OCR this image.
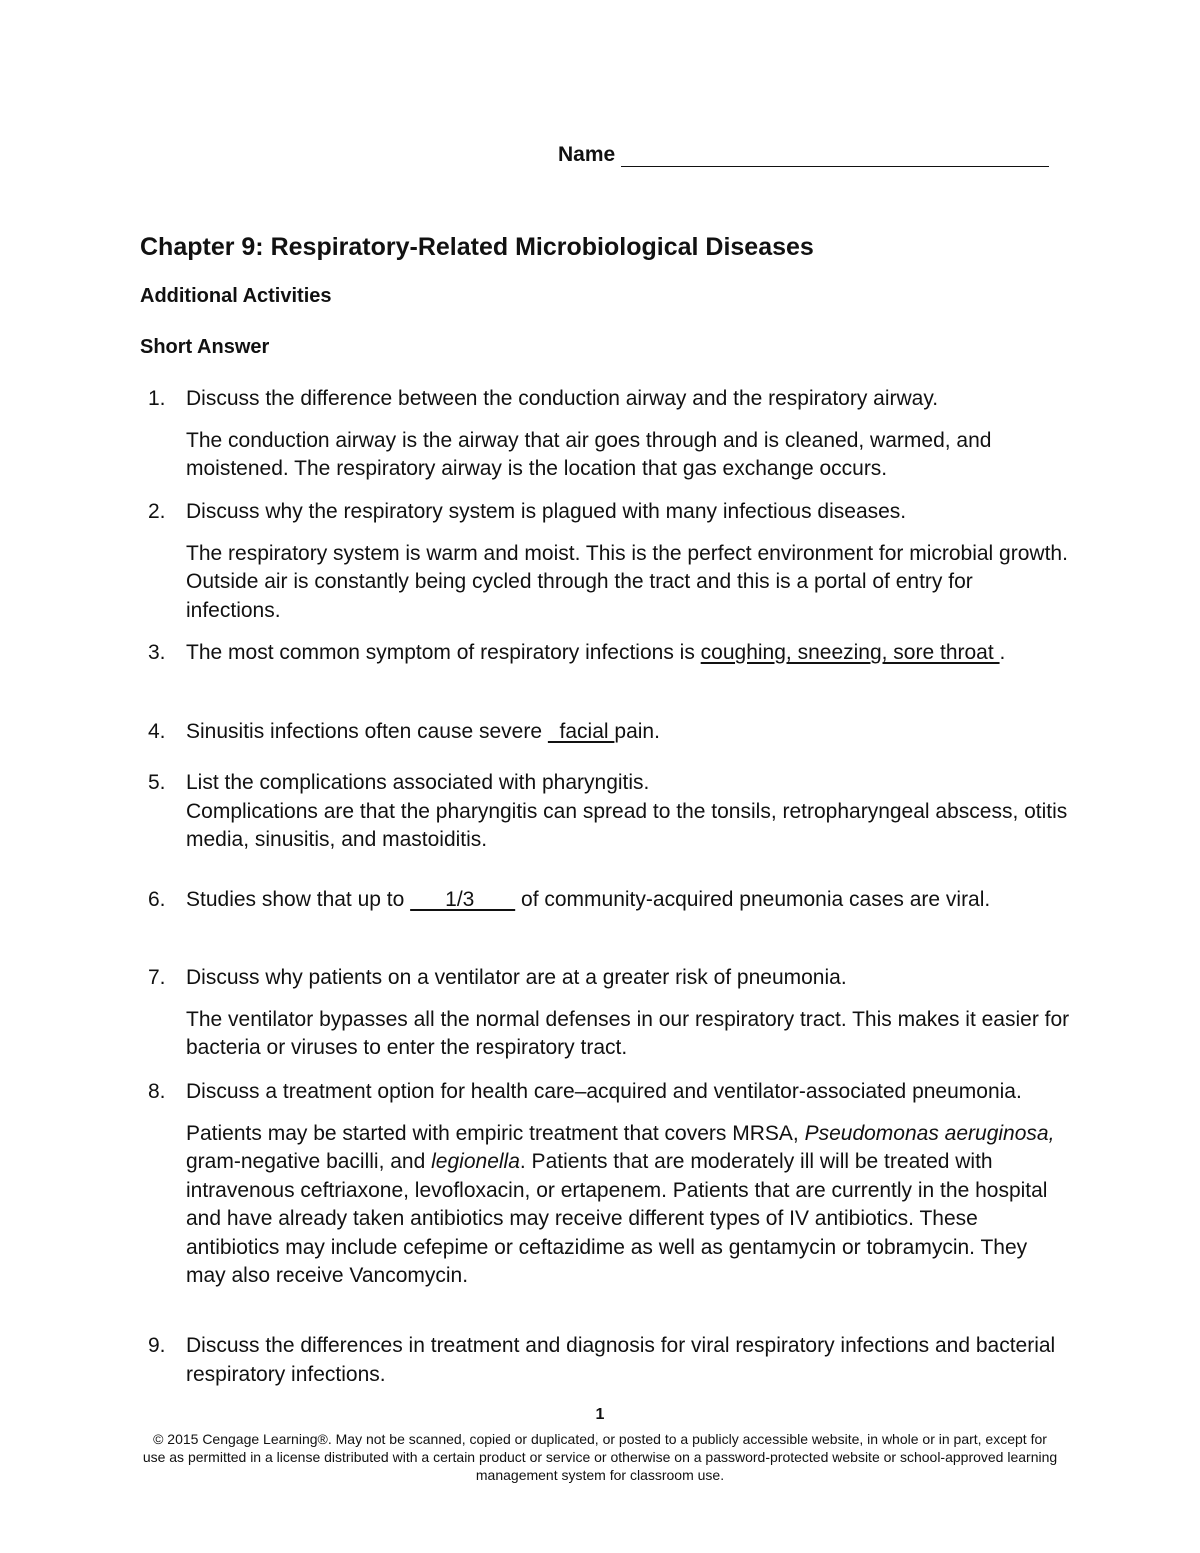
Name
Chapter 9: Respiratory-Related Microbiological Diseases
Additional Activities
Short Answer
1. Discuss the difference between the conduction airway and the respiratory airway.
The conduction airway is the airway that air goes through and is cleaned, warmed, and moistened. The respiratory airway is the location that gas exchange occurs.
2. Discuss why the respiratory system is plagued with many infectious diseases.
The respiratory system is warm and moist. This is the perfect environment for microbial growth. Outside air is constantly being cycled through the tract and this is a portal of entry for infections.
3. The most common symptom of respiratory infections is coughing, sneezing, sore throat .
4. Sinusitis infections often cause severe   facial pain.
5. List the complications associated with pharyngitis.
Complications are that the pharyngitis can spread to the tonsils, retropharyngeal abscess, otitis media, sinusitis, and mastoiditis.
6. Studies show that up to       1/3        of community-acquired pneumonia cases are viral.
7. Discuss why patients on a ventilator are at a greater risk of pneumonia.
The ventilator bypasses all the normal defenses in our respiratory tract. This makes it easier for bacteria or viruses to enter the respiratory tract.
8. Discuss a treatment option for health care–acquired and ventilator-associated pneumonia.
Patients may be started with empiric treatment that covers MRSA, Pseudomonas aeruginosa, gram-negative bacilli, and legionella. Patients that are moderately ill will be treated with intravenous ceftriaxone, levofloxacin, or ertapenem. Patients that are currently in the hospital and have already taken antibiotics may receive different types of IV antibiotics. These antibiotics may include cefepime or ceftazidime as well as gentamycin or tobramycin. They may also receive Vancomycin.
9. Discuss the differences in treatment and diagnosis for viral respiratory infections and bacterial respiratory infections.
1
© 2015 Cengage Learning®. May not be scanned, copied or duplicated, or posted to a publicly accessible website, in whole or in part, except for use as permitted in a license distributed with a certain product or service or otherwise on a password-protected website or school-approved learning management system for classroom use.
